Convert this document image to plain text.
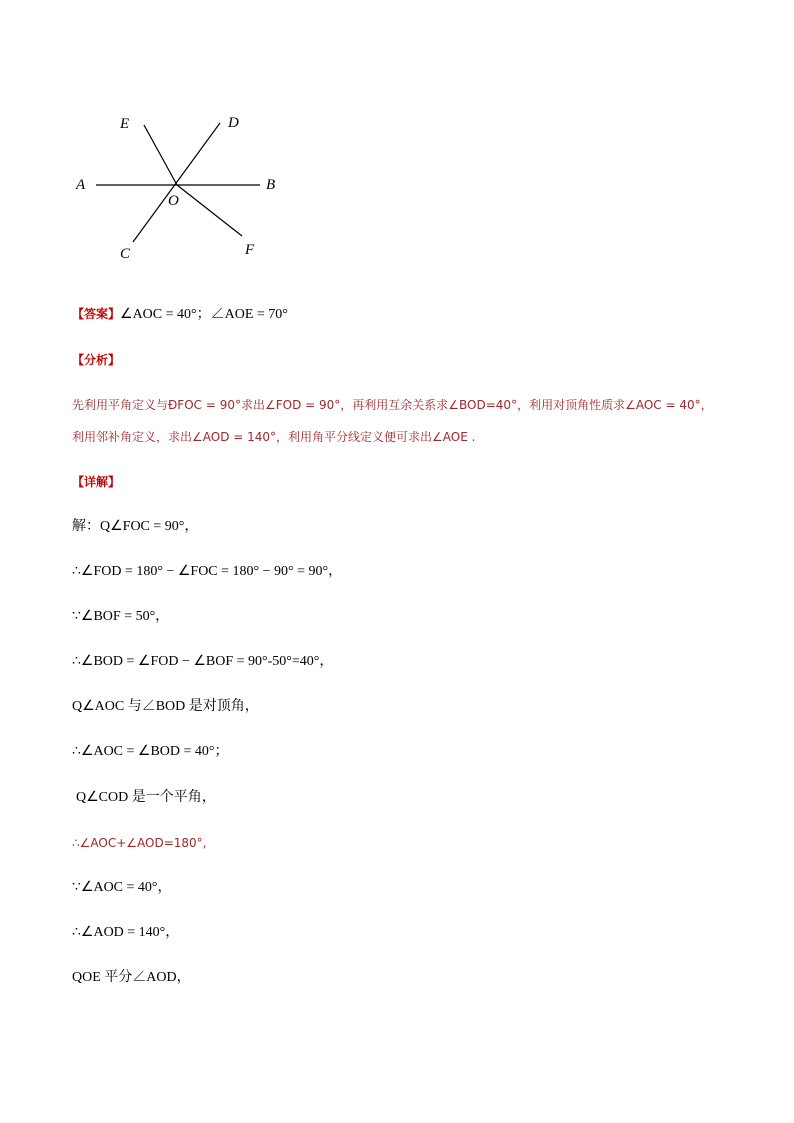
E	D
A	B
O
C	F
【答案】∠AOC = 40°；∠AOE = 70°
【分析】
先利用平角定义与ÐFOC = 90°求出∠FOD = 90°，再利用互余关系求∠BOD=40°，利用对顶角性质求∠AOC = 40°，
利用邻补角定义，求出∠AOD = 140°，利用角平分线定义便可求出∠AOE .
【详解】
解：Q∠FOC = 90°，
∴∠FOD = 180° − ∠FOC = 180° − 90° = 90°，
∵∠BOF = 50°，
∴∠BOD = ∠FOD − ∠BOF = 90°-50°=40°，
Q∠AOC 与∠BOD 是对顶角，
∴∠AOC = ∠BOD = 40°；
Q∠COD 是一个平角，
∴∠AOC+∠AOD=180°,
∵∠AOC = 40°，
∴∠AOD = 140°，
QOE 平分∠AOD，
